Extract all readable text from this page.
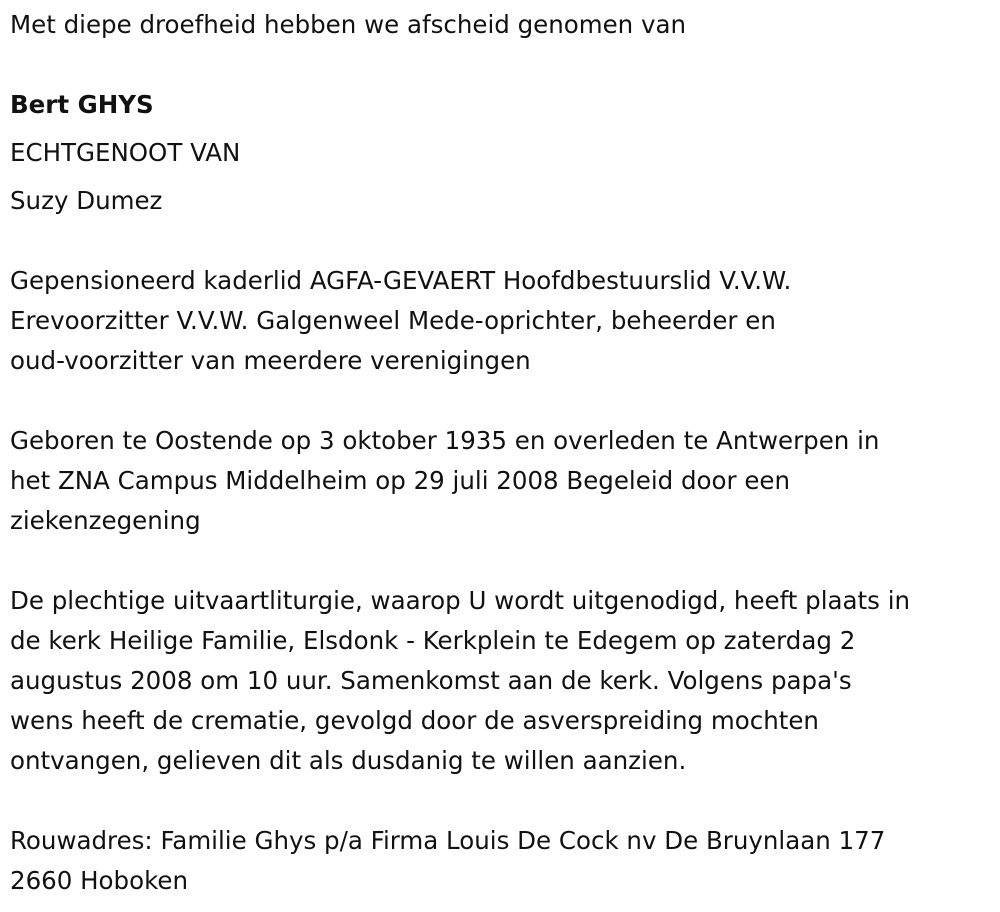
Met diepe droefheid hebben we afscheid genomen van

Bert GHYS

ECHTGENOOT VAN

Suzy Dumez

Gepensioneerd kaderlid AGFA-GEVAERT Hoofdbestuurslid V.V.W.
Erevoorzitter V.V.W. Galgenweel Mede-oprichter, beheerder en
oud-voorzitter van meerdere verenigingen
Geboren te Oostende op 3 oktober 1935 en overleden te Antwerpen in
het ZNA Campus Middelheim op 29 juli 2008 Begeleid door een
ziekenzegening
De plechtige uitvaartliturgie, waarop U wordt uitgenodigd, heeft plaats in
de kerk Heilige Familie, Elsdonk - Kerkplein te Edegem op zaterdag 2
augustus 2008 om 10 uur. Samenkomst aan de kerk. Volgens papa's
wens heeft de crematie, gevolgd door de asverspreiding mochten
ontvangen, gelieven dit als dusdanig te willen aanzien.
Rouwadres: Familie Ghys p/a Firma Louis De Cock nv De Bruynlaan 177
2660 Hoboken
